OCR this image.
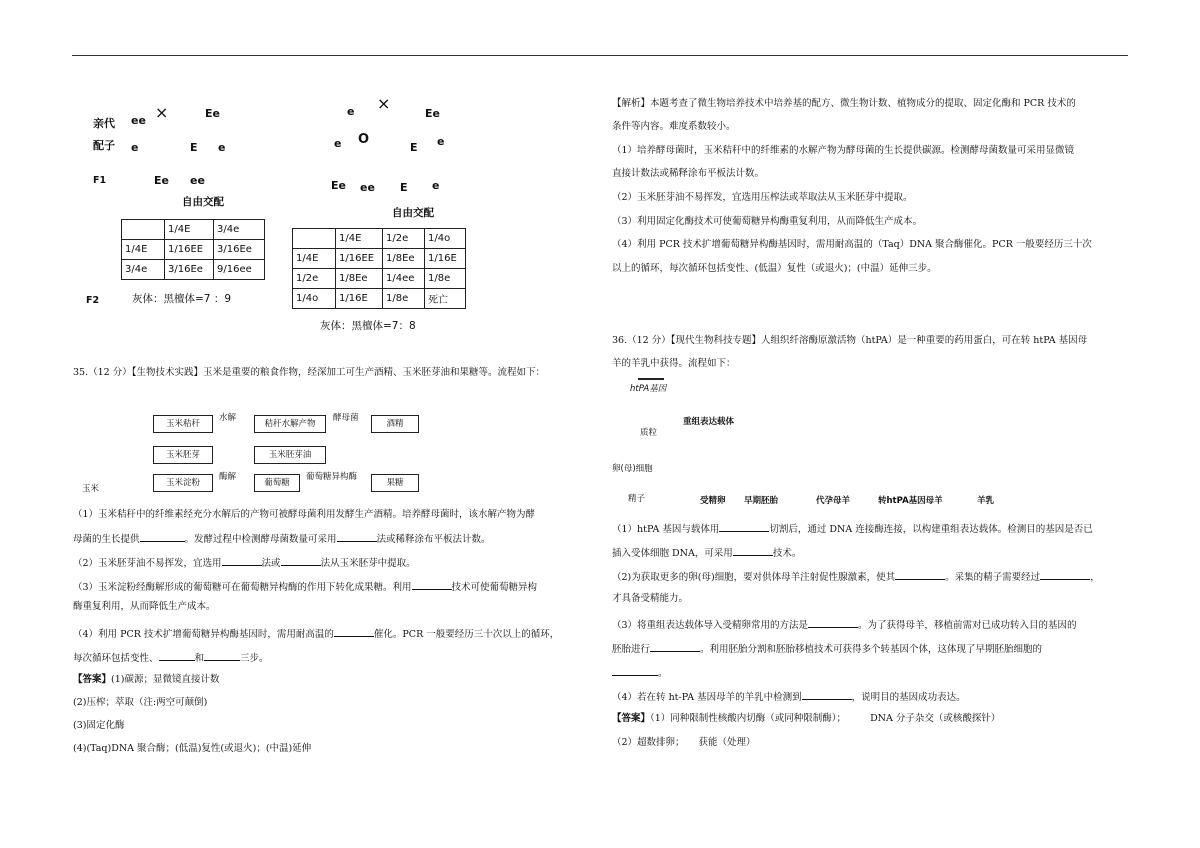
亲代
配子
F1
F2
ee ×	Ee
e	E e
Ee ee
自由交配
	1/4E	3/4e
1/4E	1/16EE	3/16Ee
3/4e	3/16Ee	9/16ee
灰体：黑檀体=7 ：9
e ×
Ee
e O
E e
Ee ee E e
自由交配
	1/4E	1/2e	1/4o
1/4E	1/16EE	1/8Ee	1/16E
1/2e	1/8Ee	1/4ee	1/8e
1/4o	1/16E	1/8e	死亡
灰体：黑檀体=7：8
35.（12 分）【生物技术实践】玉米是重要的粮食作物，经深加工可生产酒精、玉米胚芽油和果糖等。流程如下：
玉米
玉米秸秆
水解
秸秆水解产物
酵母菌
酒精
玉米胚芽	玉米胚芽油
玉米淀粉
酶解
葡萄糖
葡萄糖异构酶
果糖
（1）玉米秸秆中的纤维素经充分水解后的产物可被酵母菌利用发酵生产酒精。培养酵母菌时，该水解产物为酵
母菌的生长提供	。发酵过程中检测酵母菌数量可采用	法或稀释涂布平板法计数。
（2）玉米胚芽油不易挥发，宜选用	法或	法从玉米胚芽中提取。
（3）玉米淀粉经酶解形成的葡萄糖可在葡萄糖异构酶的作用下转化成果糖。利用	技术可使葡萄糖异构
酶重复利用，从而降低生产成本。
（4）利用 PCR 技术扩增葡萄糖异构酶基因时，需用耐高温的	催化。PCR 一般要经历三十次以上的循环，
每次循环包括变性、	和	三步。
【答案】(1)碳源；显微镜直接计数
(2)压榨；萃取（注:两空可颠倒)
(3)固定化酶
(4)(Taq)DNA 聚合酶；(低温)复性(或退火)；(中温)延伸
【解析】本题考查了微生物培养技术中培养基的配方、微生物计数、植物成分的提取、固定化酶和 PCR 技术的
条件等内容。难度系数较小。
（1）培养酵母菌时，玉米秸秆中的纤维素的水解产物为酵母菌的生长提供碳源。检测酵母菌数量可采用显微镜
直接计数法或稀释涂布平板法计数。
（2）玉米胚芽油不易挥发，宜选用压榨法或萃取法从玉米胚芽中提取。
（3）利用固定化酶技术可使葡萄糖异构酶重复利用，从而降低生产成本。
（4）利用 PCR 技术扩增葡萄糖异构酶基因时，需用耐高温的（Taq）DNA 聚合酶催化。PCR 一般要经历三十次
以上的循环，每次循环包括变性、(低温）复性（或退火)；(中温）延伸三步。
36.（12 分）【现代生物科技专题】人组织纤溶酶原激活物（htPA）是一种重要的药用蛋白，可在转 htPA 基因母
羊的羊乳中获得。流程如下：
htPA基因
质粒
重组表达载体
卵(母)细胞
精子	受精卵 早期胚胎	代孕母羊	转htPA基因母羊	羊乳
（1）htPA 基因与载体用	切割后，通过 DNA 连接酶连接，以构建重组表达载体。检测目的基因是否已
插入受体细胞 DNA，可采用	技术。
（2)为获取更多的卵(母)细胞，要对供体母羊注射促性腺激素，使其	。采集的精子需要经过	，
才具备受精能力。
（3）将重组表达载体导入受精卵常用的方法是	。为了获得母羊，移植前需对已成功转入目的基因的
胚胎进行	。利用胚胎分割和胚胎移植技术可获得多个转基因个体，这体现了早期胚胎细胞的
。
（4）若在转 ht-PA 基因母羊的羊乳中检测到	，说明目的基因成功表达。
【答案】（1）同种限制性核酸内切酶（或同种限制酶）；	DNA 分子杂交（或核酸探针）
（2）超数排卵； 获能（处理）
